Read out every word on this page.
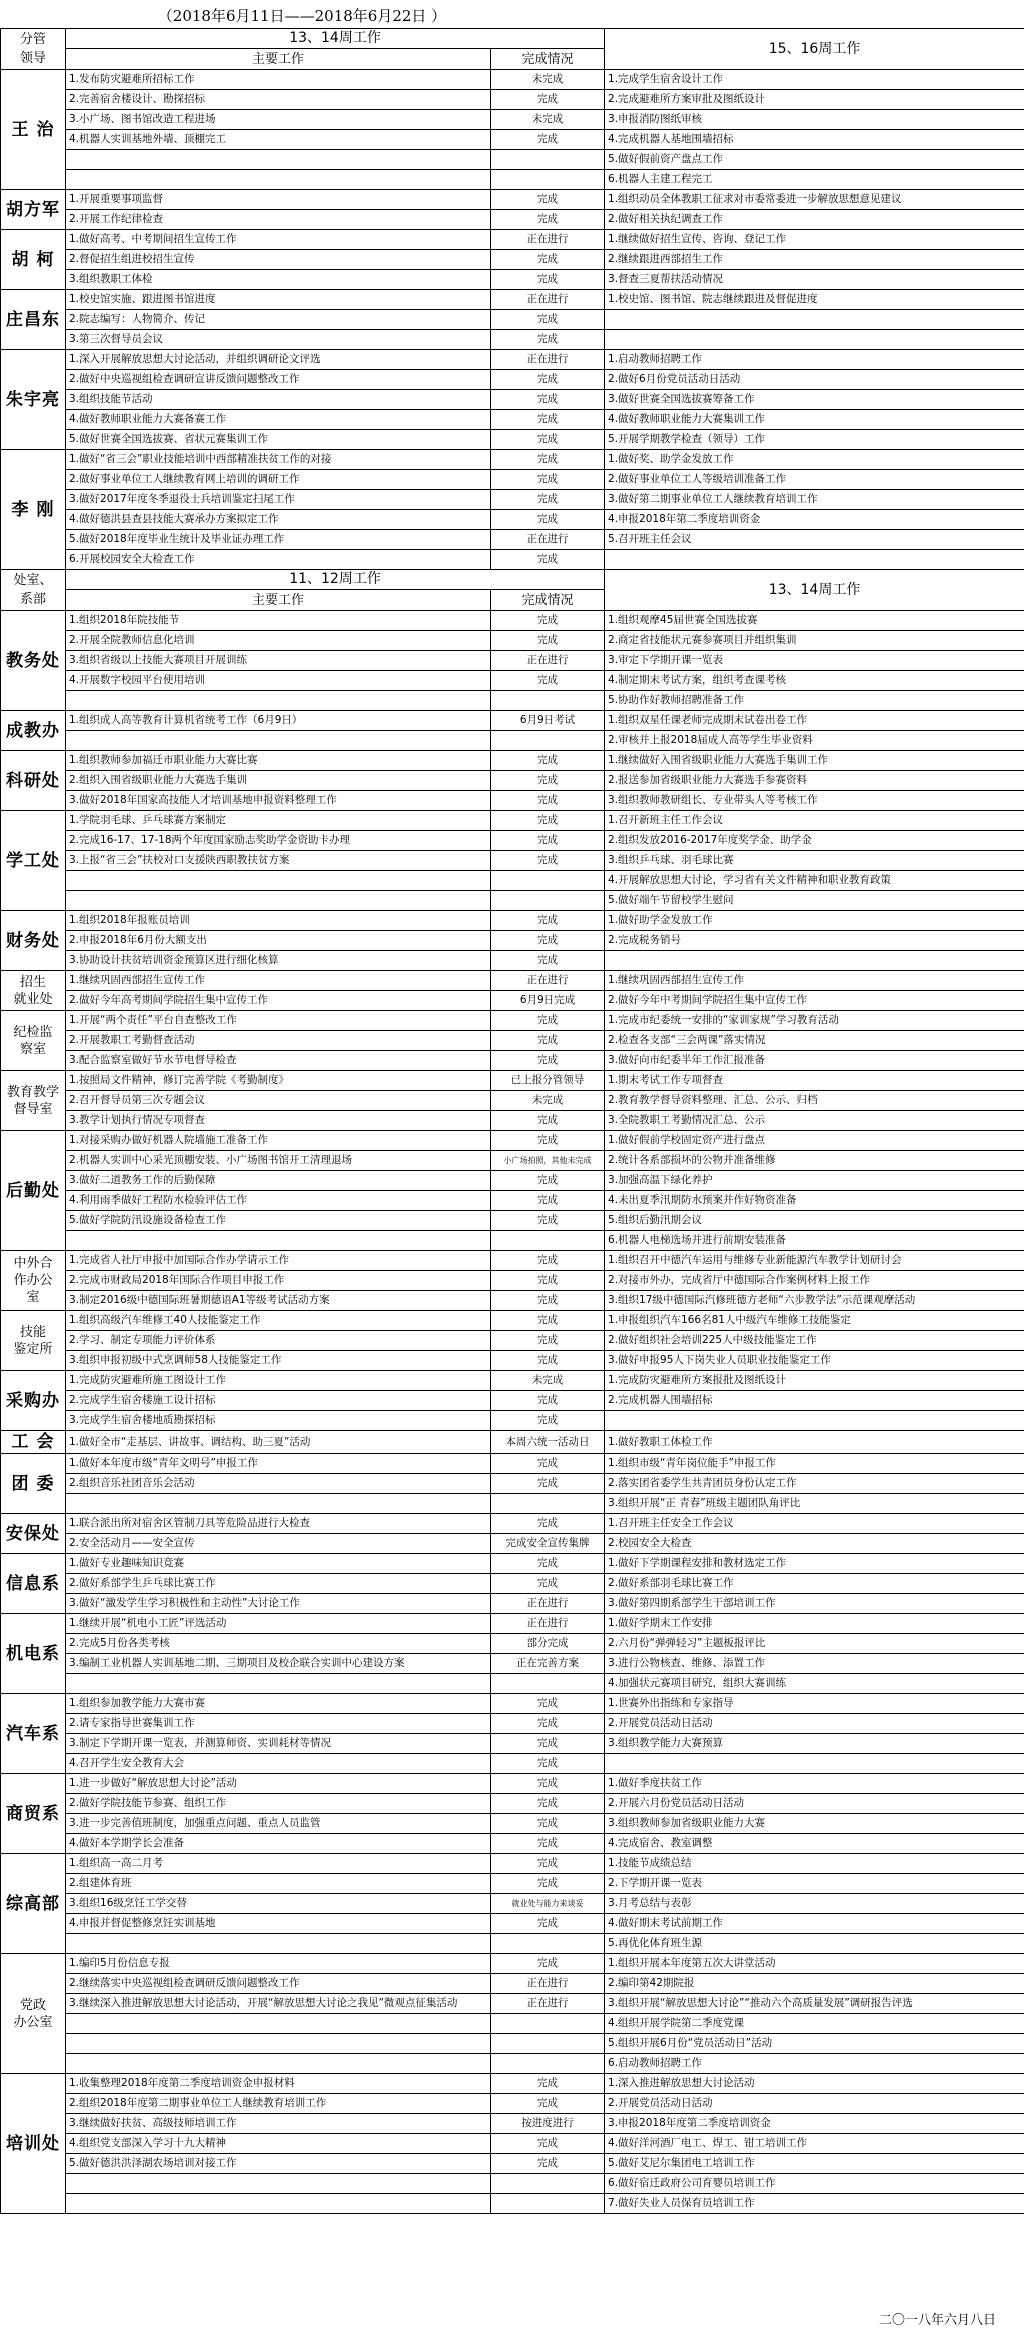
（2018年6月11日——2018年6月22日 ）
分管
领导	13、14周工作		15、16周工作
	主要工作	完成情况	
王 治	1.发布防灾避难所招标工作	未完成	1.完成学生宿舍设计工作
	2.完善宿舍楼设计、勘探招标	完成	2.完成避难所方案审批及图纸设计
	3.小广场、图书馆改造工程进场	未完成	3.申报消防图纸审核
	4.机器人实训基地外墙、顶棚完工	完成	4.完成机器人基地围墙招标
			5.做好假前资产盘点工作
			6.机器人主建工程完工
胡方军	1.开展重要事项监督	完成	1.组织动员全体教职工征求对市委常委进一步解放思想意见建议
	2.开展工作纪律检查	完成	2.做好相关执纪调查工作
胡 柯	1.做好高考、中考期间招生宣传工作	正在进行	1.继续做好招生宣传、咨询、登记工作
	2.督促招生组进校招生宣传	完成	2.继续跟进西部招生工作
	3.组织教职工体检	完成	3.督查三夏帮扶活动情况
庄昌东	1.校史馆实施、跟进图书馆进度	正在进行	1.校史馆、图书馆、院志继续跟进及督促进度
	2.院志编写：人物简介、传记	完成	
	3.第三次督导员会议	完成	
朱宇亮	1.深入开展解放思想大讨论活动，并组织调研论文评选	正在进行	1.启动教师招聘工作
	2.做好中央巡视组检查调研宣讲反馈问题整改工作	完成	2.做好6月份党员活动日活动
	3.组织技能节活动	完成	3.做好世赛全国选拔赛筹备工作
	4.做好教师职业能力大赛备赛工作	完成	4.做好教师职业能力大赛集训工作
	5.做好世赛全国选拔赛、省状元赛集训工作	完成	5.开展学期教学检查（领导）工作
李 刚	1.做好“省三会”职业技能培训中西部精准扶贫工作的对接	完成	1.做好奖、助学金发放工作
	2.做好事业单位工人继续教育网上培训的调研工作	完成	2.做好事业单位工人等级培训准备工作
	3.做好2017年度冬季退役士兵培训鉴定扫尾工作	完成	3.做好第二期事业单位工人继续教育培训工作
	4.做好德洪县查县技能大赛承办方案拟定工作	完成	4.申报2018年第二季度培训资金
	5.做好2018年度毕业生统计及毕业证办理工作	正在进行	5.召开班主任会议
	6.开展校园安全大检查工作	完成	
处室、
系部	11、12周工作		13、14周工作
	主要工作	完成情况	
教务处	1.组织2018年院技能节	完成	1.组织观摩45届世赛全国选拔赛
	2.开展全院教师信息化培训	完成	2.商定省技能状元赛参赛项目并组织集训
	3.组织省级以上技能大赛项目开展训练	正在进行	3.审定下学期开课一览表
	4.开展数字校园平台使用培训	完成	4.制定期末考试方案，组织考查课考核
			5.协助作好教师招聘准备工作
成教办	1.组织成人高等教育计算机省统考工作（6月9日）	6月9日考试	1.组织双星任课老师完成期末试卷出卷工作
			2.审核并上报2018届成人高等学生毕业资料
科研处	1.组织教师参加福迁市职业能力大赛比赛	完成	1.继续做好入围省级职业能力大赛选手集训工作
	2.组织入围省级职业能力大赛选手集训	完成	2.报送参加省级职业能力大赛选手参赛资料
	3.做好2018年国家高技能人才培训基地申报资料整理工作	完成	3.组织教师教研组长、专业带头人等考核工作
学工处	1.学院羽毛球、乒乓球赛方案制定	完成	1.召开新班主任工作会议
	2.完成16-17、17-18两个年度国家励志奖助学金资助卡办理	完成	2.组织发放2016-2017年度奖学金、助学金
	3.上报“省三会”扶校对口支援陕西职教扶贫方案	完成	3.组织乒乓球、羽毛球比赛
			4.开展解放思想大讨论，学习省有关文件精神和职业教育政策
			5.做好端午节留校学生慰问
财务处	1.组织2018年报账员培训	完成	1.做好助学金发放工作
	2.申报2018年6月份大额支出	完成	2.完成税务销号
	3.协助设计扶贫培训资金预算区进行细化核算	完成	
招生
就业处	1.继续巩固西部招生宣传工作	正在进行	1.继续巩固西部招生宣传工作
	2.做好今年高考期间学院招生集中宣传工作	6月9日完成	2.做好今年中考期间学院招生集中宣传工作
纪检监
察室	1.开展“两个责任”平台自查整改工作	完成	1.完成市纪委统一安排的“家训家规”学习教育活动
	2.开展教职工考勤督查活动	完成	2.检查各支部“三会两课”落实情况
	3.配合监察室做好节水节电督导检查	完成	3.做好向市纪委半年工作汇报准备
教育教学
督导室	1.按照局文件精神，修订完善学院《考勤制度》	已上报分管领导	1.期末考试工作专项督查
	2.召开督导员第三次专题会议	未完成	2.教育教学督导资料整理、汇总、公示、归档
	3.教学计划执行情况专项督查	完成	3.全院教职工考勤情况汇总、公示
后勤处	1.对接采购办做好机器人院墙施工准备工作	完成	1.做好假前学校固定资产进行盘点
	2.机器人实训中心采光顶棚安装、小广场图书馆开工清理退场	小广场拍照，其他未完成	2.统计各系部损坏的公物并准备维修
	3.做好二道教务工作的后勤保障	完成	3.加强高温下绿化养护
	4.利用雨季做好工程防水检验评估工作	完成	4.未出夏季汛期防水预案并作好物资准备
	5.做好学院防汛设施设备检查工作	完成	5.组织后勤汛期会议
			6.机器人电梯选场并进行前期安装准备
中外合
作办公
室	1.完成省人社厅申报中加国际合作办学请示工作	完成	1.组织召开中德汽车运用与维修专业新能源汽车教学计划研讨会
	2.完成市财政局2018年国际合作项目申报工作	完成	2.对接市外办，完成省厅中德国际合作案例材料上报工作
	3.制定2016级中德国际班暑期德语A1等级考试活动方案	完成	3.组织17级中德国际汽修班德方老师“六步教学法”示范课观摩活动
技能
鉴定所	1.组织高级汽车维修工40人技能鉴定工作	完成	1.申报组织汽车166名81人中级汽车维修工技能鉴定
	2.学习、制定专项能力评价体系	完成	2.做好组织社会培训225人中级技能鉴定工作
	3.组织申报初级中式烹调师58人技能鉴定工作	完成	3.做好申报95人下岗失业人员职业技能鉴定工作
采购办	1.完成防灾避难所施工图设计工作	未完成	1.完成防灾避难所方案报批及图纸设计
	2.完成学生宿舍楼施工设计招标	完成	2.完成机器人围墙招标
	3.完成学生宿舍楼地质勘探招标	完成	
工 会	1.做好全市“走基层、讲故事、调结构、助三夏”活动	本周六统一活动日	1.做好教职工体检工作
团 委	1.做好本年度市级“青年文明号”申报工作	完成	1.组织市级“青年岗位能手”申报工作
	2.组织音乐社团音乐会活动	完成	2.落实团省委学生共青团员身份认定工作
			3.组织开展“正 青春”班级主题团队角评比
安保处	1.联合派出所对宿舍区管制刀具等危险品进行大检查	完成	1.召开班主任安全工作会议
	2.安全活动月——安全宣传	完成安全宣传集牌	2.校园安全大检查
信息系	1.做好专业趣味知识竞赛	完成	1.做好下学期课程安排和教材选定工作
	2.做好系部学生乒乓球比赛工作	完成	2.做好系部羽毛球比赛工作
	3.做好“激发学生学习积极性和主动性”大讨论工作	正在进行	3.做好第四期系部学生干部培训工作
机电系	1.继续开展“机电小工匠”评选活动	正在进行	1.做好学期末工作安排
	2.完成5月份各类考核	部分完成	2.六月份“弹弹轻习”主题板报评比
	3.编制工业机器人实训基地二期、三期项目及校企联合实训中心建设方案	正在完善方案	3.进行公物核查、维修、添置工作
			4.加强状元赛项目研究，组织大赛训练
汽车系	1.组织参加教学能力大赛市赛	完成	1.世赛外出指练和专家指导
	2.请专家指导世赛集训工作	完成	2.开展党员活动日活动
	3.制定下学期开课一览表，并测算师资、实训耗材等情况	完成	3.组织教学能力大赛预算
	4.召开学生安全教育大会	完成	
商贸系	1.进一步做好“解放思想大讨论”活动	完成	1.做好季度扶贫工作
	2.做好学院技能节参赛、组织工作	完成	2.开展六月份党员活动日活动
	3.进一步完善值班制度，加强重点问题、重点人员监管	完成	3.组织教师参加省级职业能力大赛
	4.做好本学期学长会准备	完成	4.完成宿舍、教室调整
综高部	1.组织高一高二月考	完成	1.技能节成绩总结
	2.组建体育班	完成	2.下学期开课一览表
	3.组织16级烹饪工学交替	就业处与能力来谈妥	3.月考总结与表彰
	4.申报并督促整修烹饪实训基地	完成	4.做好期末考试前期工作
			5.再优化体育班生源
党政
办公室	1.编印5月份信息专报	完成	1.组织开展本年度第五次大讲堂活动
	2.继续落实中央巡视组检查调研反馈问题整改工作	正在进行	2.编印第42期院报
	3.继续深入推进解放思想大讨论活动，开展“解放思想大讨论之我见”微观点征集活动	正在进行	3.组织开展“解放思想大讨论”“推动六个高质量发展”调研报告评选
			4.组织开展学院第二季度党课
			5.组织开展6月份“党员活动日”活动
			6.启动教师招聘工作
培训处	1.收集整理2018年度第二季度培训资金申报材料	完成	1.深入推进解放思想大讨论活动
	2.组织2018年度第二期事业单位工人继续教育培训工作	完成	2.开展党员活动日活动
	3.继续做好扶贫、高级技师培训工作	按进度进行	3.申报2018年度第二季度培训资金
	4.组织党支部深入学习十九大精神	完成	4.做好洋河酒厂电工、焊工、钳工培训工作
	5.做好德洪洪泽湖农场培训对接工作	完成	5.做好艾尼尔集团电工培训工作
			6.做好宿迁政府公司育婴员培训工作
			7.做好失业人员保育员培训工作
二〇一八年六月八日
